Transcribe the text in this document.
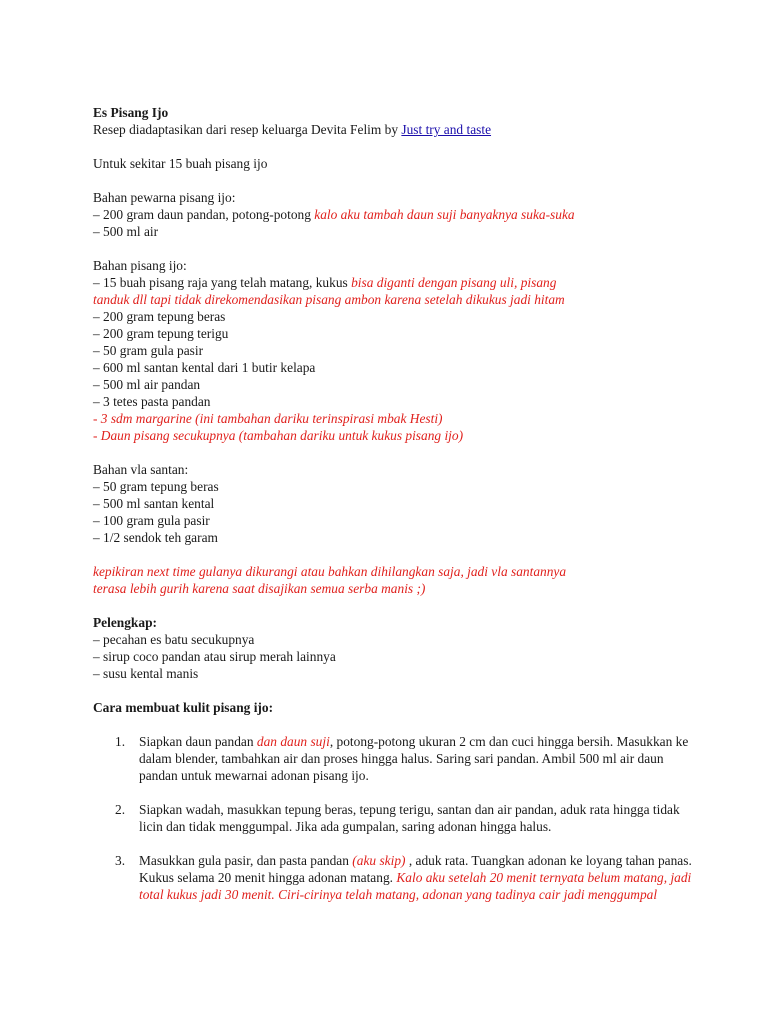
Es Pisang Ijo
Resep diadaptasikan dari resep keluarga Devita Felim by Just try and taste
Untuk sekitar 15 buah pisang ijo
Bahan pewarna pisang ijo:
– 200 gram daun pandan, potong-potong kalo aku tambah daun suji banyaknya suka-suka
– 500 ml air
Bahan pisang ijo:
– 15 buah pisang raja yang telah matang, kukus bisa diganti dengan pisang uli, pisang
tanduk dll tapi tidak direkomendasikan pisang ambon karena setelah dikukus jadi hitam
– 200 gram tepung beras
– 200 gram tepung terigu
– 50 gram gula pasir
– 600 ml santan kental dari 1 butir kelapa
– 500 ml air pandan
– 3 tetes pasta pandan
- 3 sdm margarine (ini tambahan dariku terinspirasi mbak Hesti)
- Daun pisang secukupnya (tambahan dariku untuk kukus pisang ijo)
Bahan vla santan:
– 50 gram tepung beras
– 500 ml santan kental
– 100 gram gula pasir
– 1/2 sendok teh garam
kepikiran next time gulanya dikurangi atau bahkan dihilangkan saja, jadi vla santannya
terasa lebih gurih karena saat disajikan semua serba manis ;)
Pelengkap:
– pecahan es batu secukupnya
– sirup coco pandan atau sirup merah lainnya
– susu kental manis
Cara membuat kulit pisang ijo:
1. Siapkan daun pandan dan daun suji, potong-potong ukuran 2 cm dan cuci hingga bersih. Masukkan ke dalam blender, tambahkan air dan proses hingga halus. Saring sari pandan. Ambil 500 ml air daun pandan untuk mewarnai adonan pisang ijo.
2. Siapkan wadah, masukkan tepung beras, tepung terigu, santan dan air pandan, aduk rata hingga tidak licin dan tidak menggumpal. Jika ada gumpalan, saring adonan hingga halus.
3. Masukkan gula pasir, dan pasta pandan (aku skip) , aduk rata. Tuangkan adonan ke loyang tahan panas. Kukus selama 20 menit hingga adonan matang. Kalo aku setelah 20 menit ternyata belum matang, jadi total kukus jadi 30 menit. Ciri-cirinya telah matang, adonan yang tadinya cair jadi menggumpal
